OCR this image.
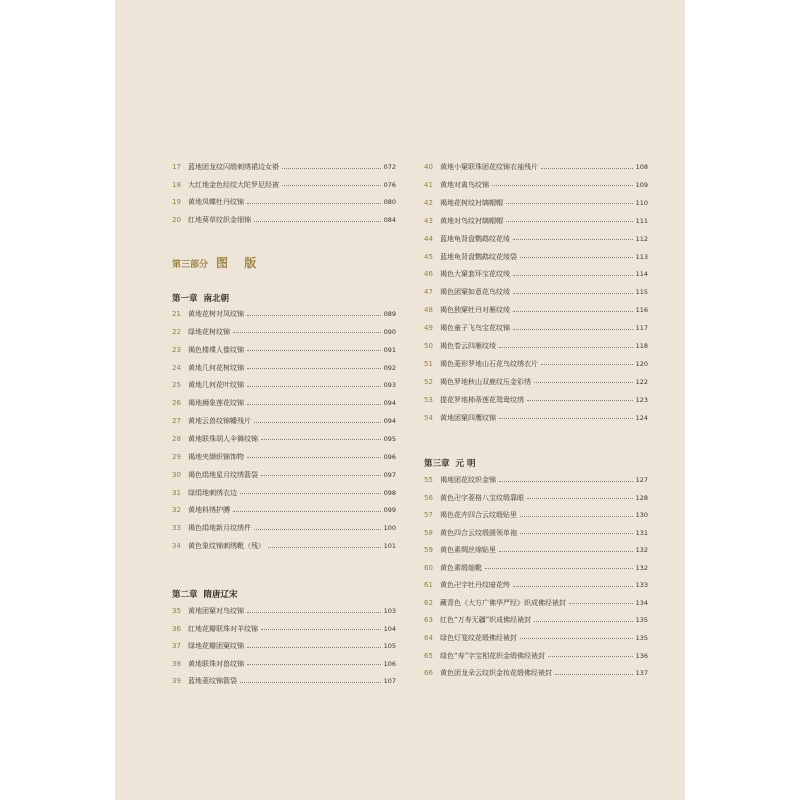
17	蓝地团龙纹闪缎刺绣裙边女褂	072
18	大红地金色经纹大陀罗尼经被	076
19	黄地凤蝶牡丹纹锦	080
20	红地葵草纹织金细锦	084
第三部分 图 版
第一章 南北朝
21	黄地花树对凤纹锦	089
22	绿地花树纹锦	090
23	褐色楼堞人像纹锦	091
24	黄地几何花树纹锦	092
25	黄地几何花叶纹锦	093
26	褐地狮象莲花纹锦	094
27	黄地云兽纹锦幡残片	094
28	黄地联珠胡人伞舞纹锦	095
29	褐地夹缬织锦饰物	096
30	褐色绢地星月纹绣箭袋	097
31	绿绢地刺绣衣边	098
32	黄地料绣护膊	099
33	褐色绢地新月纹绣件	100
34	黄色象纹锦刺绣靴（残）	101
第二章 隋唐辽宋
35	黄地团窠对鸟纹锦	103
36	红地花瓣联珠对羊纹锦	104
37	绿地花瓣团窠纹锦	105
38	黄地联珠对兽纹锦	106
39	蓝地菱纹锦箭袋	107
40	黄地小窠联珠团花纹锦衣袖残片	108
41	黄地对禽鸟纹锦	109
42	褐地花树纹衬缡帽帽	110
43	黄地对鸟纹衬缡帽帽	111
44	蓝地龟背盘鹦鹉纹花绫	112
45	蓝地龟背盘鹦鹉纹花绫袋	113
46	褐色大窠套环宝花纹绫	114
47	褐色团窠如意花鸟纹绫	115
48	褐色独窠牡丹对雁纹绫	116
49	褐色童子飞鸟宝花纹锦	117
50	褐色卷云四雁纹绫	118
51	褐色菱形罗地山石花鸟纹绣衣片	120
52	褐色罗地秋山双鹿纹压金彩绣	122
53	提花罗地柿蒂莲花鸳鸯纹绣	123
54	黄地团窠四鹰纹锦	124
第三章 元 明
55	褐地团花纹织金锦	127
56	黄色卍字菱格八宝纹缎靠眼	128
57	褐色花卉四合云纹缎贴里	130
58	黄色四合云纹缎圆领单袍	131
59	黄色素绸丝绵贴里	132
60	黄色素缎缩靴	132
61	黄色卍字牡丹纹暗花绔	133
62	藏青色《大方广佛华严经》织成佛经裱封	134
63	红色“万寿无疆”织成佛经裱封	135
64	绿色灯笼纹花缎佛经裱封	135
65	绿色“寿”字宝相花织金缎佛经裱封	136
66	黄色团龙朵云纹织金妆花缎佛经裱封	137
